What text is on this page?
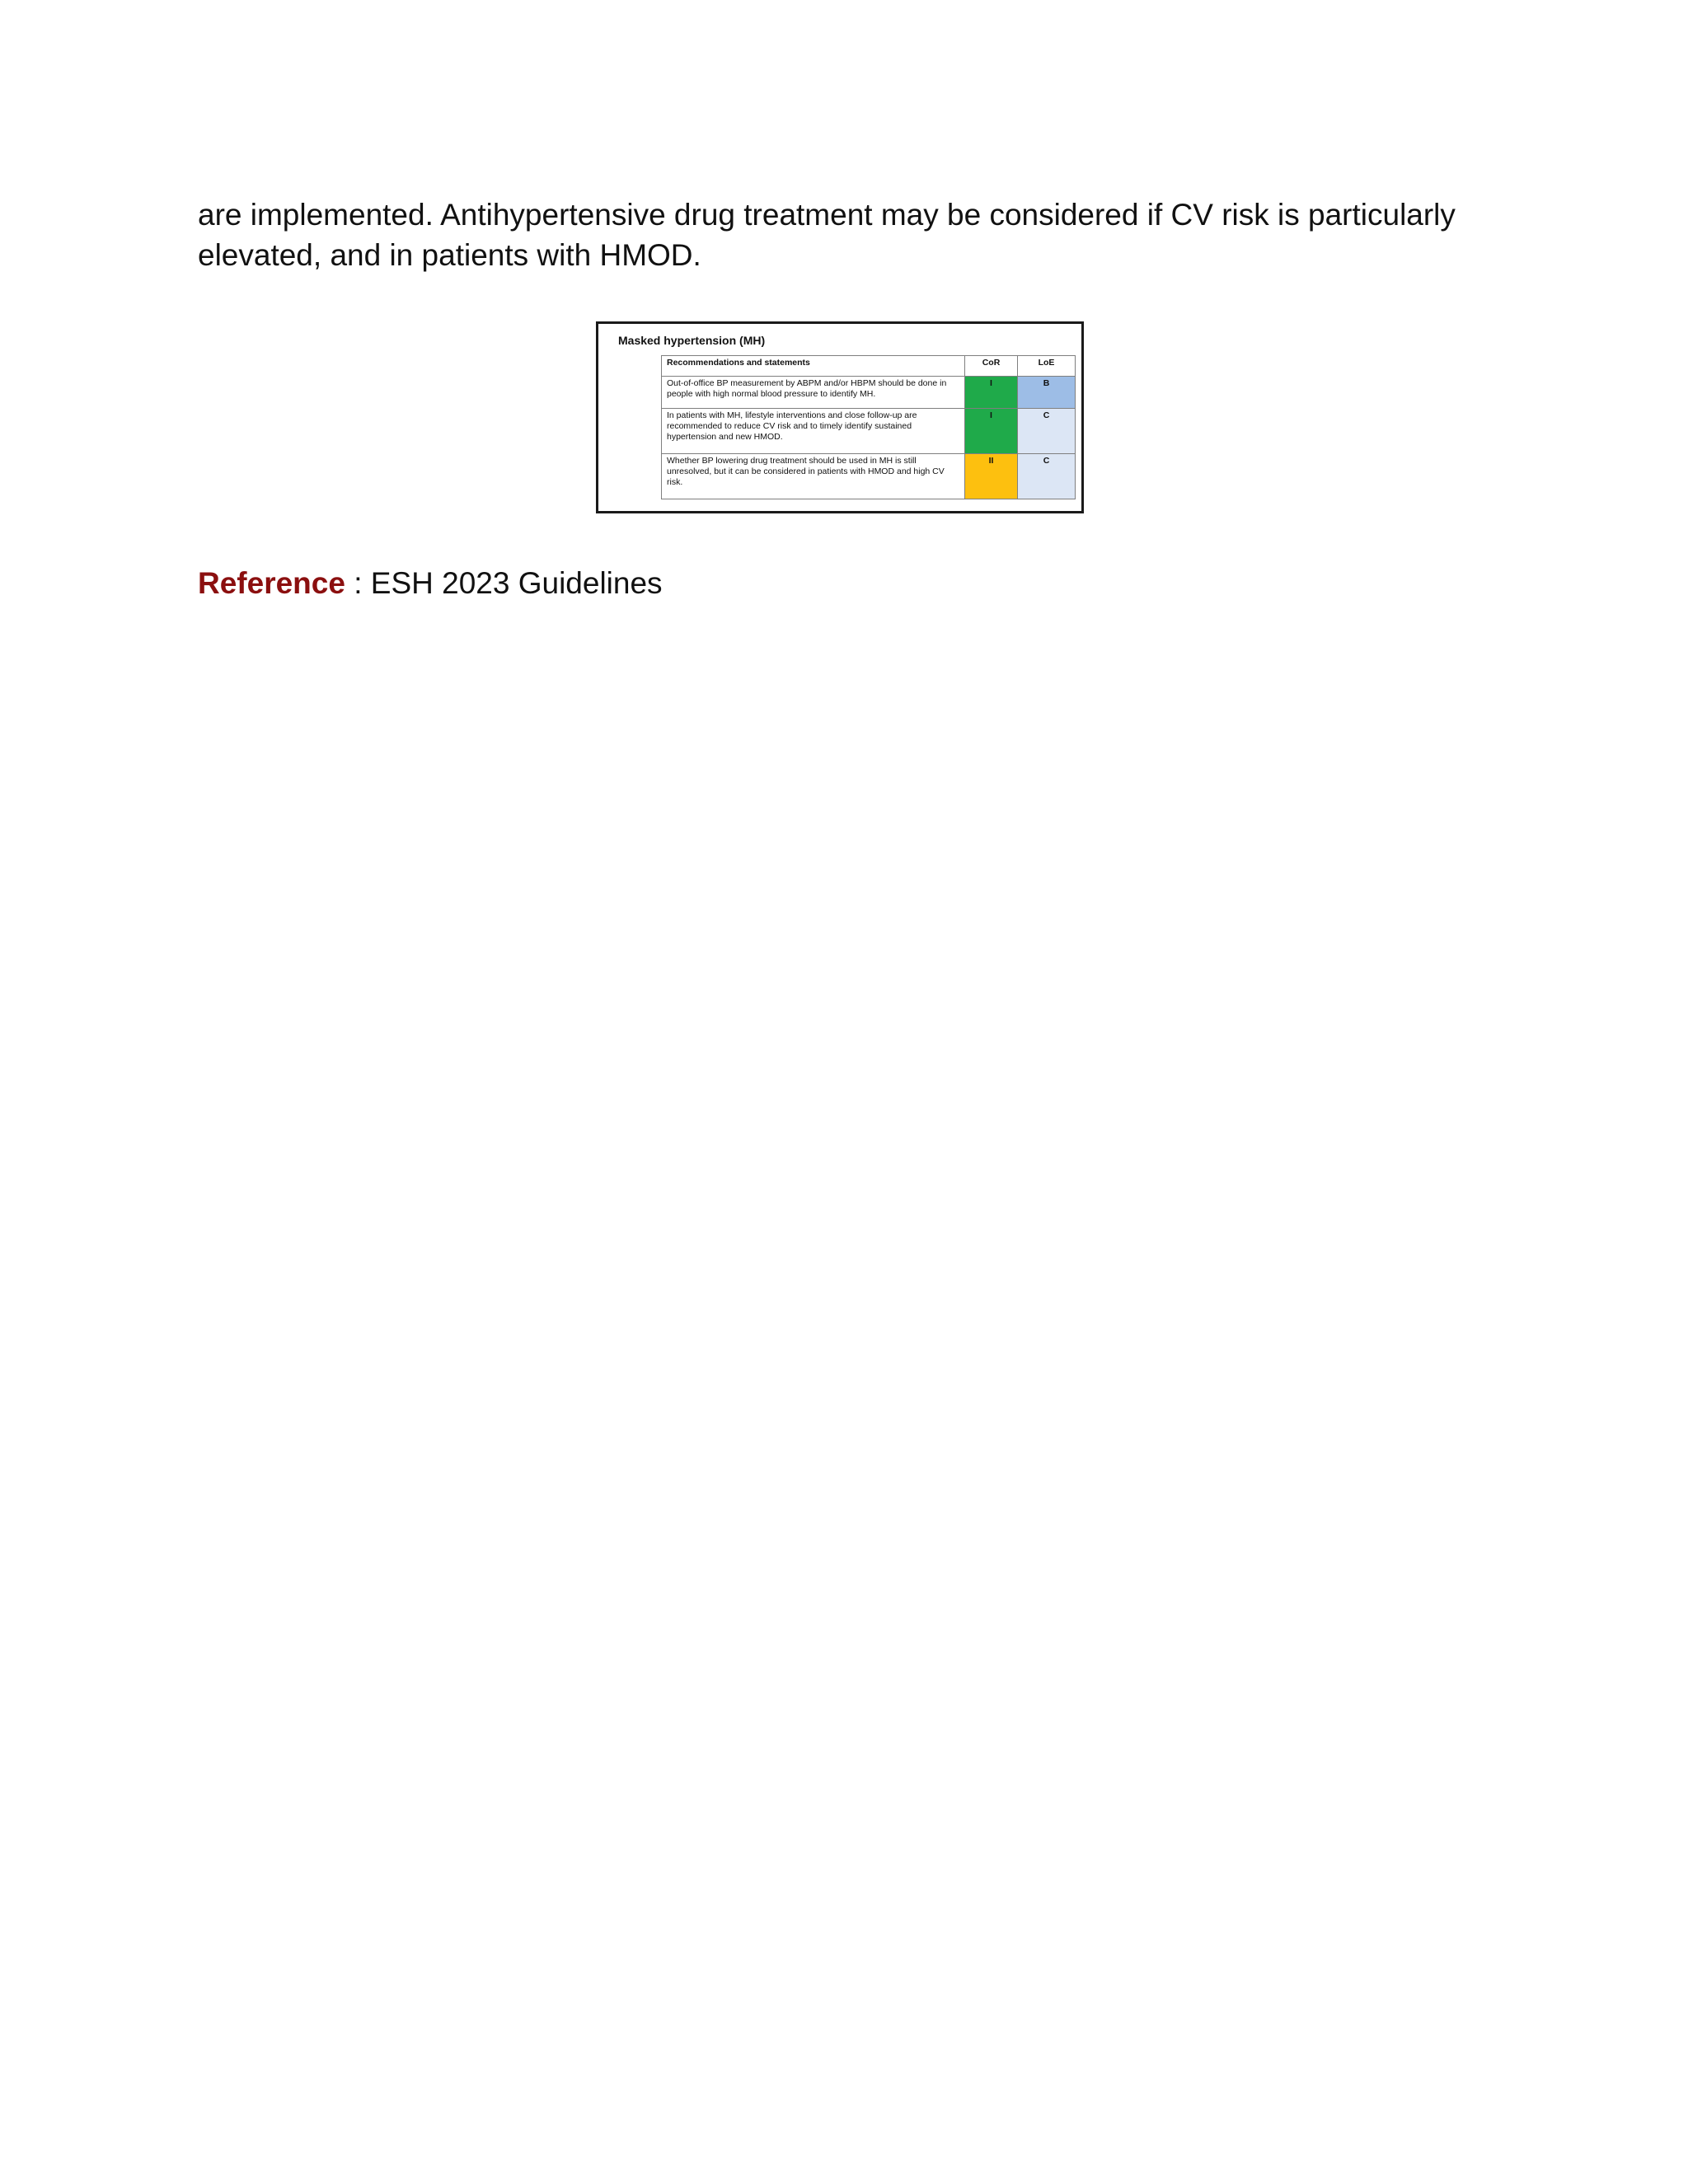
are implemented. Antihypertensive drug treatment may be considered if CV risk is particularly elevated, and in patients with HMOD.

Masked hypertension (MH)

Recommendations and statements	CoR	LoE
Out-of-office BP measurement by ABPM and/or HBPM should be done in people with high normal blood pressure to identify MH.	I	B
In patients with MH, lifestyle interventions and close follow-up are recommended to reduce CV risk and to timely identify sustained hypertension and new HMOD.	I	C
Whether BP lowering drug treatment should be used in MH is still unresolved, but it can be considered in patients with HMOD and high CV risk.	II	C

Reference : ESH 2023 Guidelines
